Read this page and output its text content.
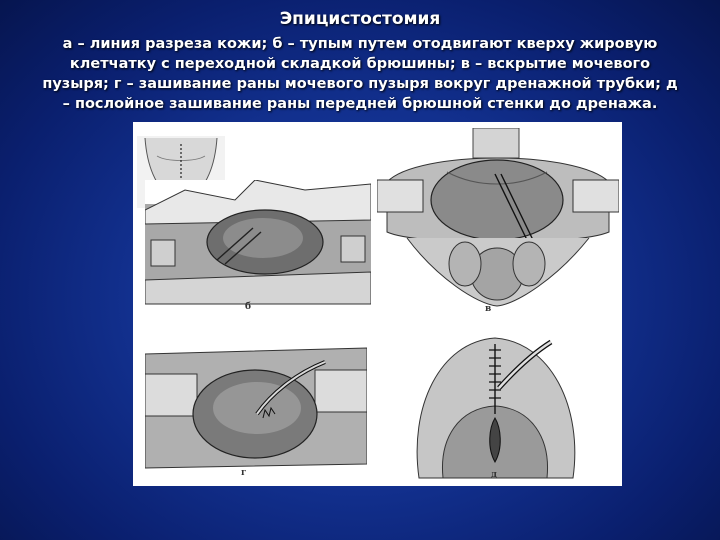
Эпицистостомия
а – линия разреза кожи; б – тупым путем отодвигают кверху жировую клетчатку с переходной складкой брюшины; в – вскрытие мочевого пузыря; г – зашивание раны мочевого пузыря вокруг дренажной трубки; д – послойное зашивание раны передней брюшной стенки до дренажа.
б	в
г	д
